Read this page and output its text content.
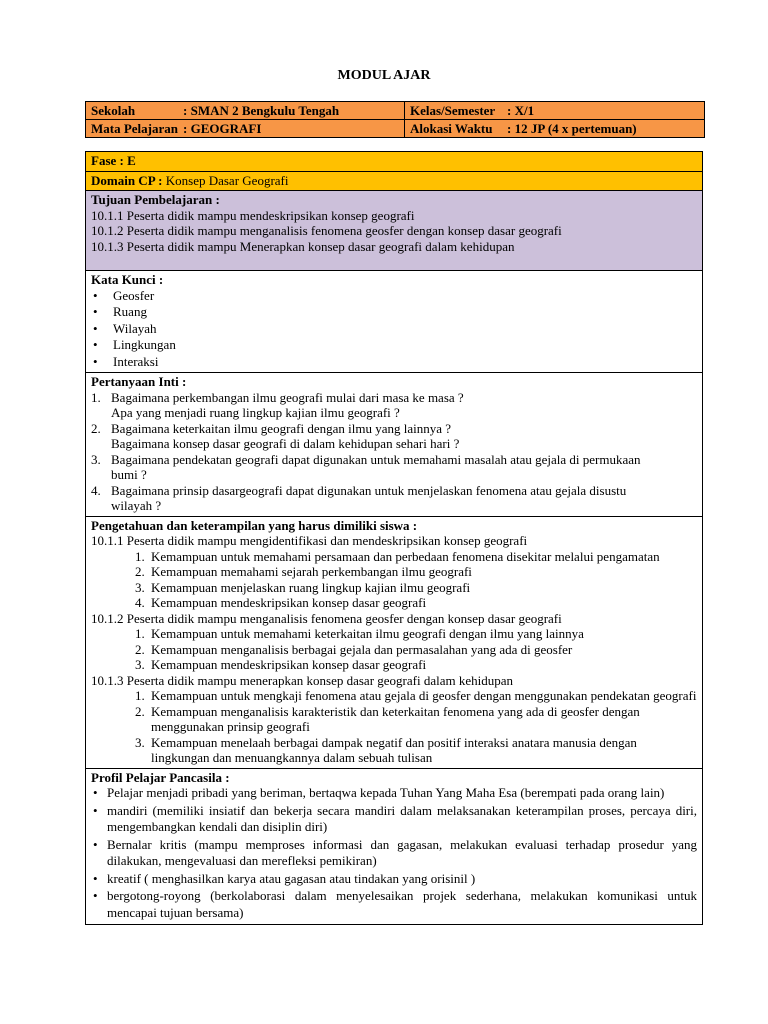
MODUL AJAR
Sekolah : SMAN 2 Bengkulu Tengah	Kelas/Semester : X/1
Mata Pelajaran : GEOGRAFI	Alokasi Waktu : 12 JP (4 x pertemuan)
Fase : E
Domain CP : Konsep Dasar Geografi

Tujuan Pembelajaran :
10.1.1 Peserta didik mampu mendeskripsikan konsep geografi
10.1.2 Peserta didik mampu menganalisis fenomena geosfer dengan konsep dasar geografi
10.1.3 Peserta didik mampu Menerapkan konsep dasar geografi dalam kehidupan

Kata Kunci :
• Geosfer
• Ruang
• Wilayah
• Lingkungan
• Interaksi

Pertanyaan Inti :
1. Bagaimana perkembangan ilmu geografi mulai dari masa ke masa ?
Apa yang menjadi ruang lingkup kajian ilmu geografi ?
2. Bagaimana keterkaitan ilmu geografi dengan ilmu yang lainnya ?
Bagaimana konsep dasar geografi di dalam kehidupan sehari hari ?
3. Bagaimana pendekatan geografi dapat digunakan untuk memahami masalah atau gejala di permukaan
bumi ?
4. Bagaimana prinsip dasargeografi dapat digunakan untuk menjelaskan fenomena atau gejala disustu
wilayah ?

Pengetahuan dan keterampilan yang harus dimiliki siswa :
10.1.1 Peserta didik mampu mengidentifikasi dan mendeskripsikan konsep geografi
1. Kemampuan untuk memahami persamaan dan perbedaan fenomena disekitar melalui pengamatan
2. Kemampuan memahami sejarah perkembangan ilmu geografi
3. Kemampuan menjelaskan ruang lingkup kajian ilmu geografi
4. Kemampuan mendeskripsikan konsep dasar geografi
10.1.2 Peserta didik mampu menganalisis fenomena geosfer dengan konsep dasar geografi
1. Kemampuan untuk memahami keterkaitan ilmu geografi dengan ilmu yang lainnya
2. Kemampuan menganalisis berbagai gejala dan permasalahan yang ada di geosfer
3. Kemampuan mendeskripsikan konsep dasar geografi
10.1.3 Peserta didik mampu menerapkan konsep dasar geografi dalam kehidupan
1. Kemampuan untuk mengkaji fenomena atau gejala di geosfer dengan menggunakan pendekatan geografi
2. Kemampuan menganalisis karakteristik dan keterkaitan fenomena yang ada di geosfer dengan menggunakan prinsip geografi
3. Kemampuan menelaah berbagai dampak negatif dan positif interaksi anatara manusia dengan lingkungan dan menuangkannya dalam sebuah tulisan

Profil Pelajar Pancasila :
• Pelajar menjadi pribadi yang beriman, bertaqwa kepada Tuhan Yang Maha Esa (berempati pada orang lain)
• mandiri (memiliki insiatif dan bekerja secara mandiri dalam melaksanakan keterampilan proses, percaya diri, mengembangkan kendali dan disiplin diri)
• Bernalar kritis (mampu memproses informasi dan gagasan, melakukan evaluasi terhadap prosedur yang dilakukan, mengevaluasi dan merefleksi pemikiran)
• kreatif ( menghasilkan karya atau gagasan atau tindakan yang orisinil )
• bergotong-royong (berkolaborasi dalam menyelesaikan projek sederhana, melakukan komunikasi untuk mencapai tujuan bersama)
